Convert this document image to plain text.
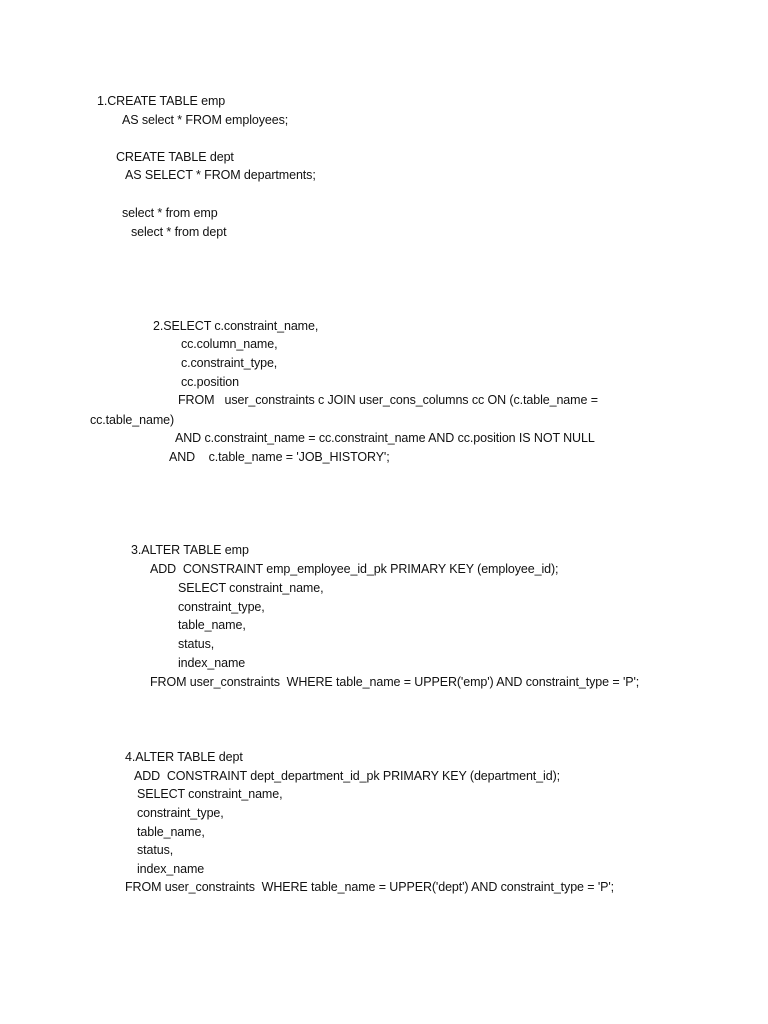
1.CREATE TABLE emp
AS select * FROM employees;
CREATE TABLE dept
AS SELECT * FROM departments;
select * from emp
select * from dept
2.SELECT c.constraint_name,
cc.column_name,
c.constraint_type,
cc.position
FROM   user_constraints c JOIN user_cons_columns cc ON (c.table_name =
cc.table_name)
AND c.constraint_name = cc.constraint_name AND cc.position IS NOT NULL
AND    c.table_name = 'JOB_HISTORY';
3.ALTER TABLE emp
ADD  CONSTRAINT emp_employee_id_pk PRIMARY KEY (employee_id);
SELECT constraint_name,
constraint_type,
table_name,
status,
index_name
FROM user_constraints  WHERE table_name = UPPER('emp') AND constraint_type = 'P';
4.ALTER TABLE dept
ADD  CONSTRAINT dept_department_id_pk PRIMARY KEY (department_id);
SELECT constraint_name,
constraint_type,
table_name,
status,
index_name
FROM user_constraints  WHERE table_name = UPPER('dept') AND constraint_type = 'P';
